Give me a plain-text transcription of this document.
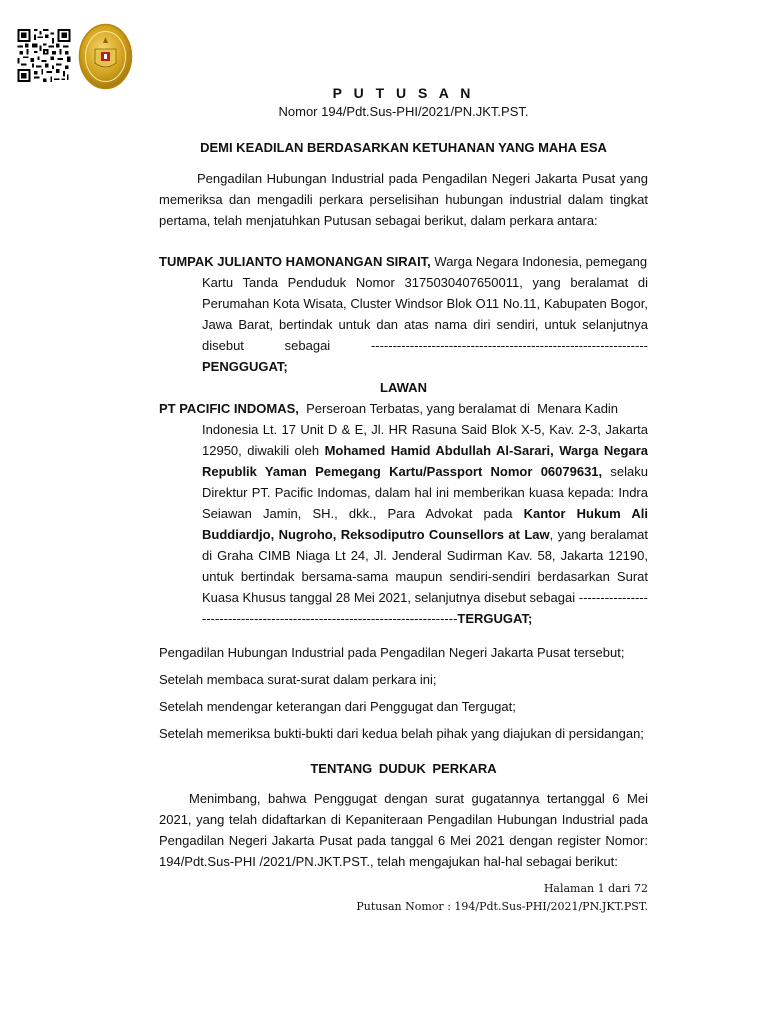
P U T U S A N

Nomor 194/Pdt.Sus-PHI/2021/PN.JKT.PST.

DEMI KEADILAN BERDASARKAN KETUHANAN YANG MAHA ESA

Pengadilan Hubungan Industrial pada Pengadilan Negeri Jakarta Pusat yang memeriksa dan mengadili perkara perselisihan hubungan industrial dalam tingkat pertama, telah menjatuhkan Putusan sebagai berikut, dalam perkara antara:

TUMPAK JULIANTO HAMONANGAN SIRAIT, Warga Negara Indonesia, pemegang

Kartu Tanda Penduduk Nomor 3175030407650011, yang beralamat di Perumahan Kota Wisata, Cluster Windsor Blok O11 No.11, Kabupaten Bogor, Jawa Barat, bertindak untuk dan atas nama diri sendiri, untuk selanjutnya disebut sebagai ----------------------------------------------------------------PENGGUGAT;

LAWAN

PT PACIFIC INDOMAS,  Perseroan Terbatas, yang beralamat di  Menara Kadin

Indonesia Lt. 17 Unit D & E, Jl. HR Rasuna Said Blok X-5, Kav. 2-3, Jakarta 12950, diwakili oleh Mohamed Hamid Abdullah Al-Sarari, Warga Negara Republik Yaman Pemegang Kartu/Passport Nomor 06079631, selaku Direktur PT. Pacific Indomas, dalam hal ini memberikan kuasa kepada: Indra Seiawan Jamin, SH., dkk., Para Advokat pada Kantor Hukum Ali Buddiardjo, Nugroho, Reksodiputro Counsellors at Law, yang beralamat di Graha CIMB Niaga Lt 24, Jl. Jenderal Sudirman Kav. 58, Jakarta 12190, untuk bertindak bersama-sama maupun sendiri-sendiri berdasarkan Surat Kuasa Khusus tanggal 28 Mei 2021, selanjutnya disebut sebagai ---------------------------------------------------------------------------TERGUGAT;

Pengadilan Hubungan Industrial pada Pengadilan Negeri Jakarta Pusat tersebut;

Setelah membaca surat-surat dalam perkara ini;

Setelah mendengar keterangan dari Penggugat dan Tergugat;

Setelah memeriksa bukti-bukti dari kedua belah pihak yang diajukan di persidangan;

TENTANG DUDUK PERKARA

Menimbang, bahwa Penggugat dengan surat gugatannya tertanggal 6 Mei 2021, yang telah didaftarkan di Kepaniteraan Pengadilan Hubungan Industrial pada Pengadilan Negeri Jakarta Pusat pada tanggal 6 Mei 2021 dengan register Nomor: 194/Pdt.Sus-PHI /2021/PN.JKT.PST., telah mengajukan hal-hal sebagai berikut:

Halaman 1 dari 72
Putusan Nomor : 194/Pdt.Sus-PHI/2021/PN.JKT.PST.
